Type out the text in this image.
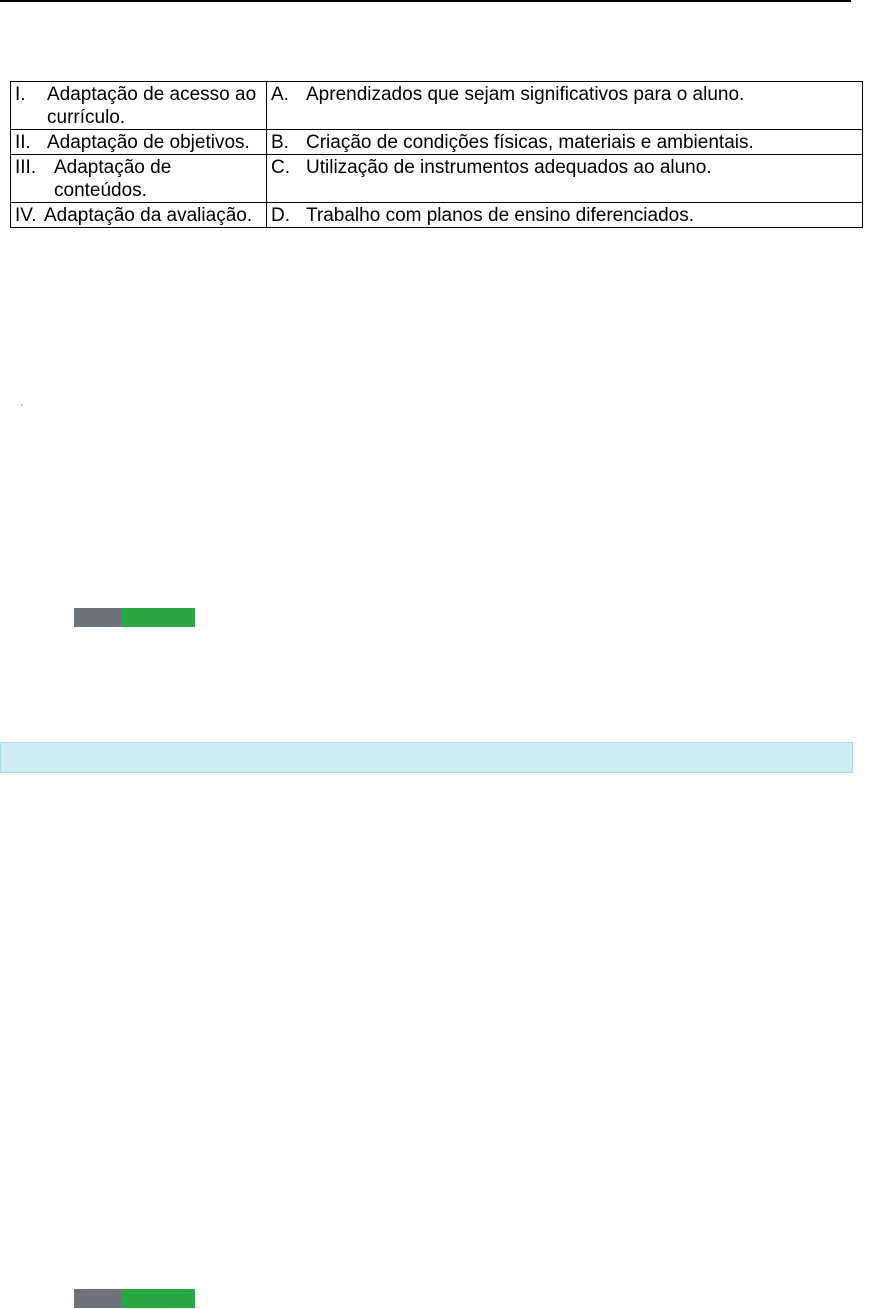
I. Adaptação de acesso ao currículo.	A. Aprendizados que sejam significativos para o aluno.

II. Adaptação de objetivos.	B. Criação de condições físicas, materiais e ambientais.

III. Adaptação de conteúdos.	C. Utilização de instrumentos adequados ao aluno.

IV. Adaptação da avaliação.	D. Trabalho com planos de ensino diferenciados.
